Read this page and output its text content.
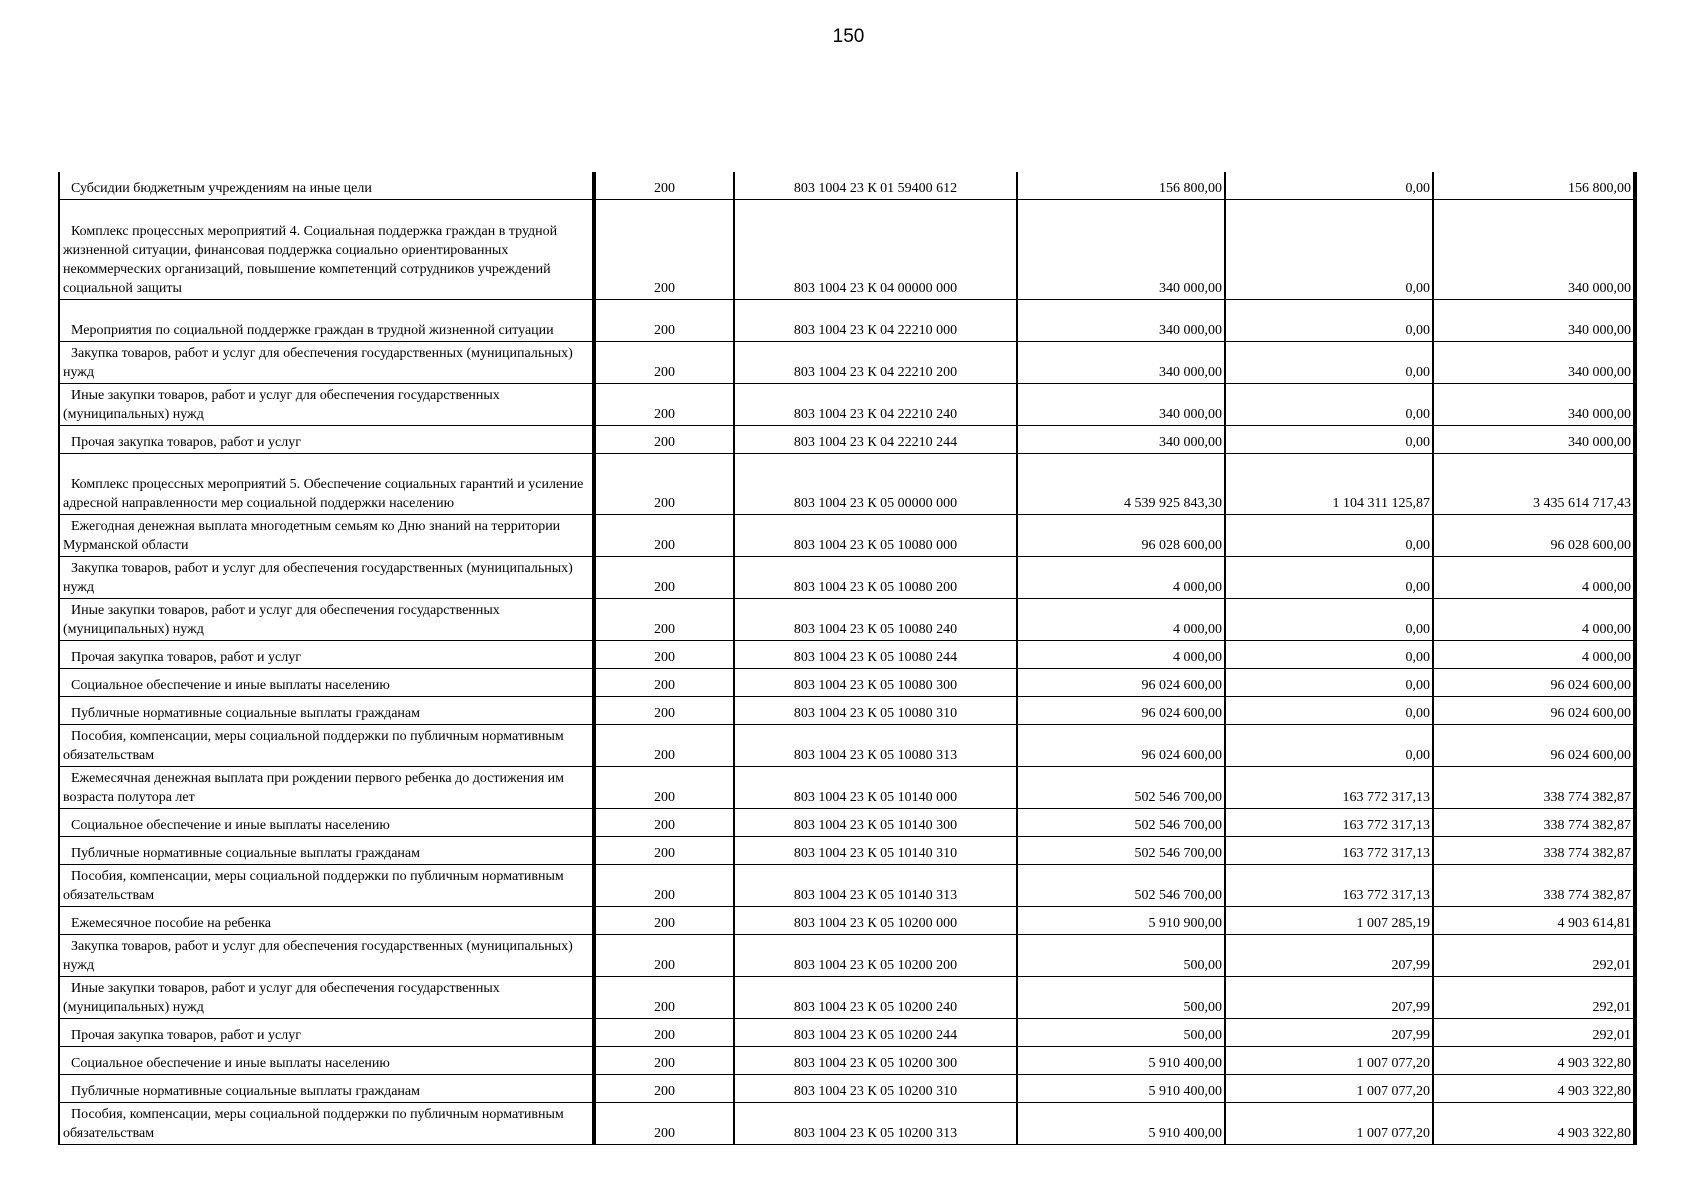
150
Субсидии бюджетным учреждениям на иные цели	200	803 1004 23 К 01 59400 612	156 800,00	0,00	156 800,00
Комплекс процессных мероприятий 4. Социальная поддержка граждан в трудной жизненной ситуации, финансовая поддержка социально ориентированных некоммерческих организаций, повышение компетенций сотрудников учреждений социальной защиты	200	803 1004 23 К 04 00000 000	340 000,00	0,00	340 000,00
Мероприятия по социальной поддержке граждан в трудной жизненной ситуации	200	803 1004 23 К 04 22210 000	340 000,00	0,00	340 000,00
Закупка товаров, работ и услуг для обеспечения государственных (муниципальных) нужд	200	803 1004 23 К 04 22210 200	340 000,00	0,00	340 000,00
Иные закупки товаров, работ и услуг для обеспечения государственных (муниципальных) нужд	200	803 1004 23 К 04 22210 240	340 000,00	0,00	340 000,00
Прочая закупка товаров, работ и услуг	200	803 1004 23 К 04 22210 244	340 000,00	0,00	340 000,00
Комплекс процессных мероприятий 5. Обеспечение социальных гарантий и усиление адресной направленности мер социальной поддержки населению	200	803 1004 23 К 05 00000 000	4 539 925 843,30	1 104 311 125,87	3 435 614 717,43
Ежегодная денежная выплата многодетным семьям ко Дню знаний на территории Мурманской области	200	803 1004 23 К 05 10080 000	96 028 600,00	0,00	96 028 600,00
Закупка товаров, работ и услуг для обеспечения государственных (муниципальных) нужд	200	803 1004 23 К 05 10080 200	4 000,00	0,00	4 000,00
Иные закупки товаров, работ и услуг для обеспечения государственных (муниципальных) нужд	200	803 1004 23 К 05 10080 240	4 000,00	0,00	4 000,00
Прочая закупка товаров, работ и услуг	200	803 1004 23 К 05 10080 244	4 000,00	0,00	4 000,00
Социальное обеспечение и иные выплаты населению	200	803 1004 23 К 05 10080 300	96 024 600,00	0,00	96 024 600,00
Публичные нормативные социальные выплаты гражданам	200	803 1004 23 К 05 10080 310	96 024 600,00	0,00	96 024 600,00
Пособия, компенсации, меры социальной поддержки по публичным нормативным обязательствам	200	803 1004 23 К 05 10080 313	96 024 600,00	0,00	96 024 600,00
Ежемесячная денежная выплата при рождении первого ребенка до достижения им возраста полутора лет	200	803 1004 23 К 05 10140 000	502 546 700,00	163 772 317,13	338 774 382,87
Социальное обеспечение и иные выплаты населению	200	803 1004 23 К 05 10140 300	502 546 700,00	163 772 317,13	338 774 382,87
Публичные нормативные социальные выплаты гражданам	200	803 1004 23 К 05 10140 310	502 546 700,00	163 772 317,13	338 774 382,87
Пособия, компенсации, меры социальной поддержки по публичным нормативным обязательствам	200	803 1004 23 К 05 10140 313	502 546 700,00	163 772 317,13	338 774 382,87
Ежемесячное пособие на ребенка	200	803 1004 23 К 05 10200 000	5 910 900,00	1 007 285,19	4 903 614,81
Закупка товаров, работ и услуг для обеспечения государственных (муниципальных) нужд	200	803 1004 23 К 05 10200 200	500,00	207,99	292,01
Иные закупки товаров, работ и услуг для обеспечения государственных (муниципальных) нужд	200	803 1004 23 К 05 10200 240	500,00	207,99	292,01
Прочая закупка товаров, работ и услуг	200	803 1004 23 К 05 10200 244	500,00	207,99	292,01
Социальное обеспечение и иные выплаты населению	200	803 1004 23 К 05 10200 300	5 910 400,00	1 007 077,20	4 903 322,80
Публичные нормативные социальные выплаты гражданам	200	803 1004 23 К 05 10200 310	5 910 400,00	1 007 077,20	4 903 322,80
Пособия, компенсации, меры социальной поддержки по публичным нормативным обязательствам	200	803 1004 23 К 05 10200 313	5 910 400,00	1 007 077,20	4 903 322,80
